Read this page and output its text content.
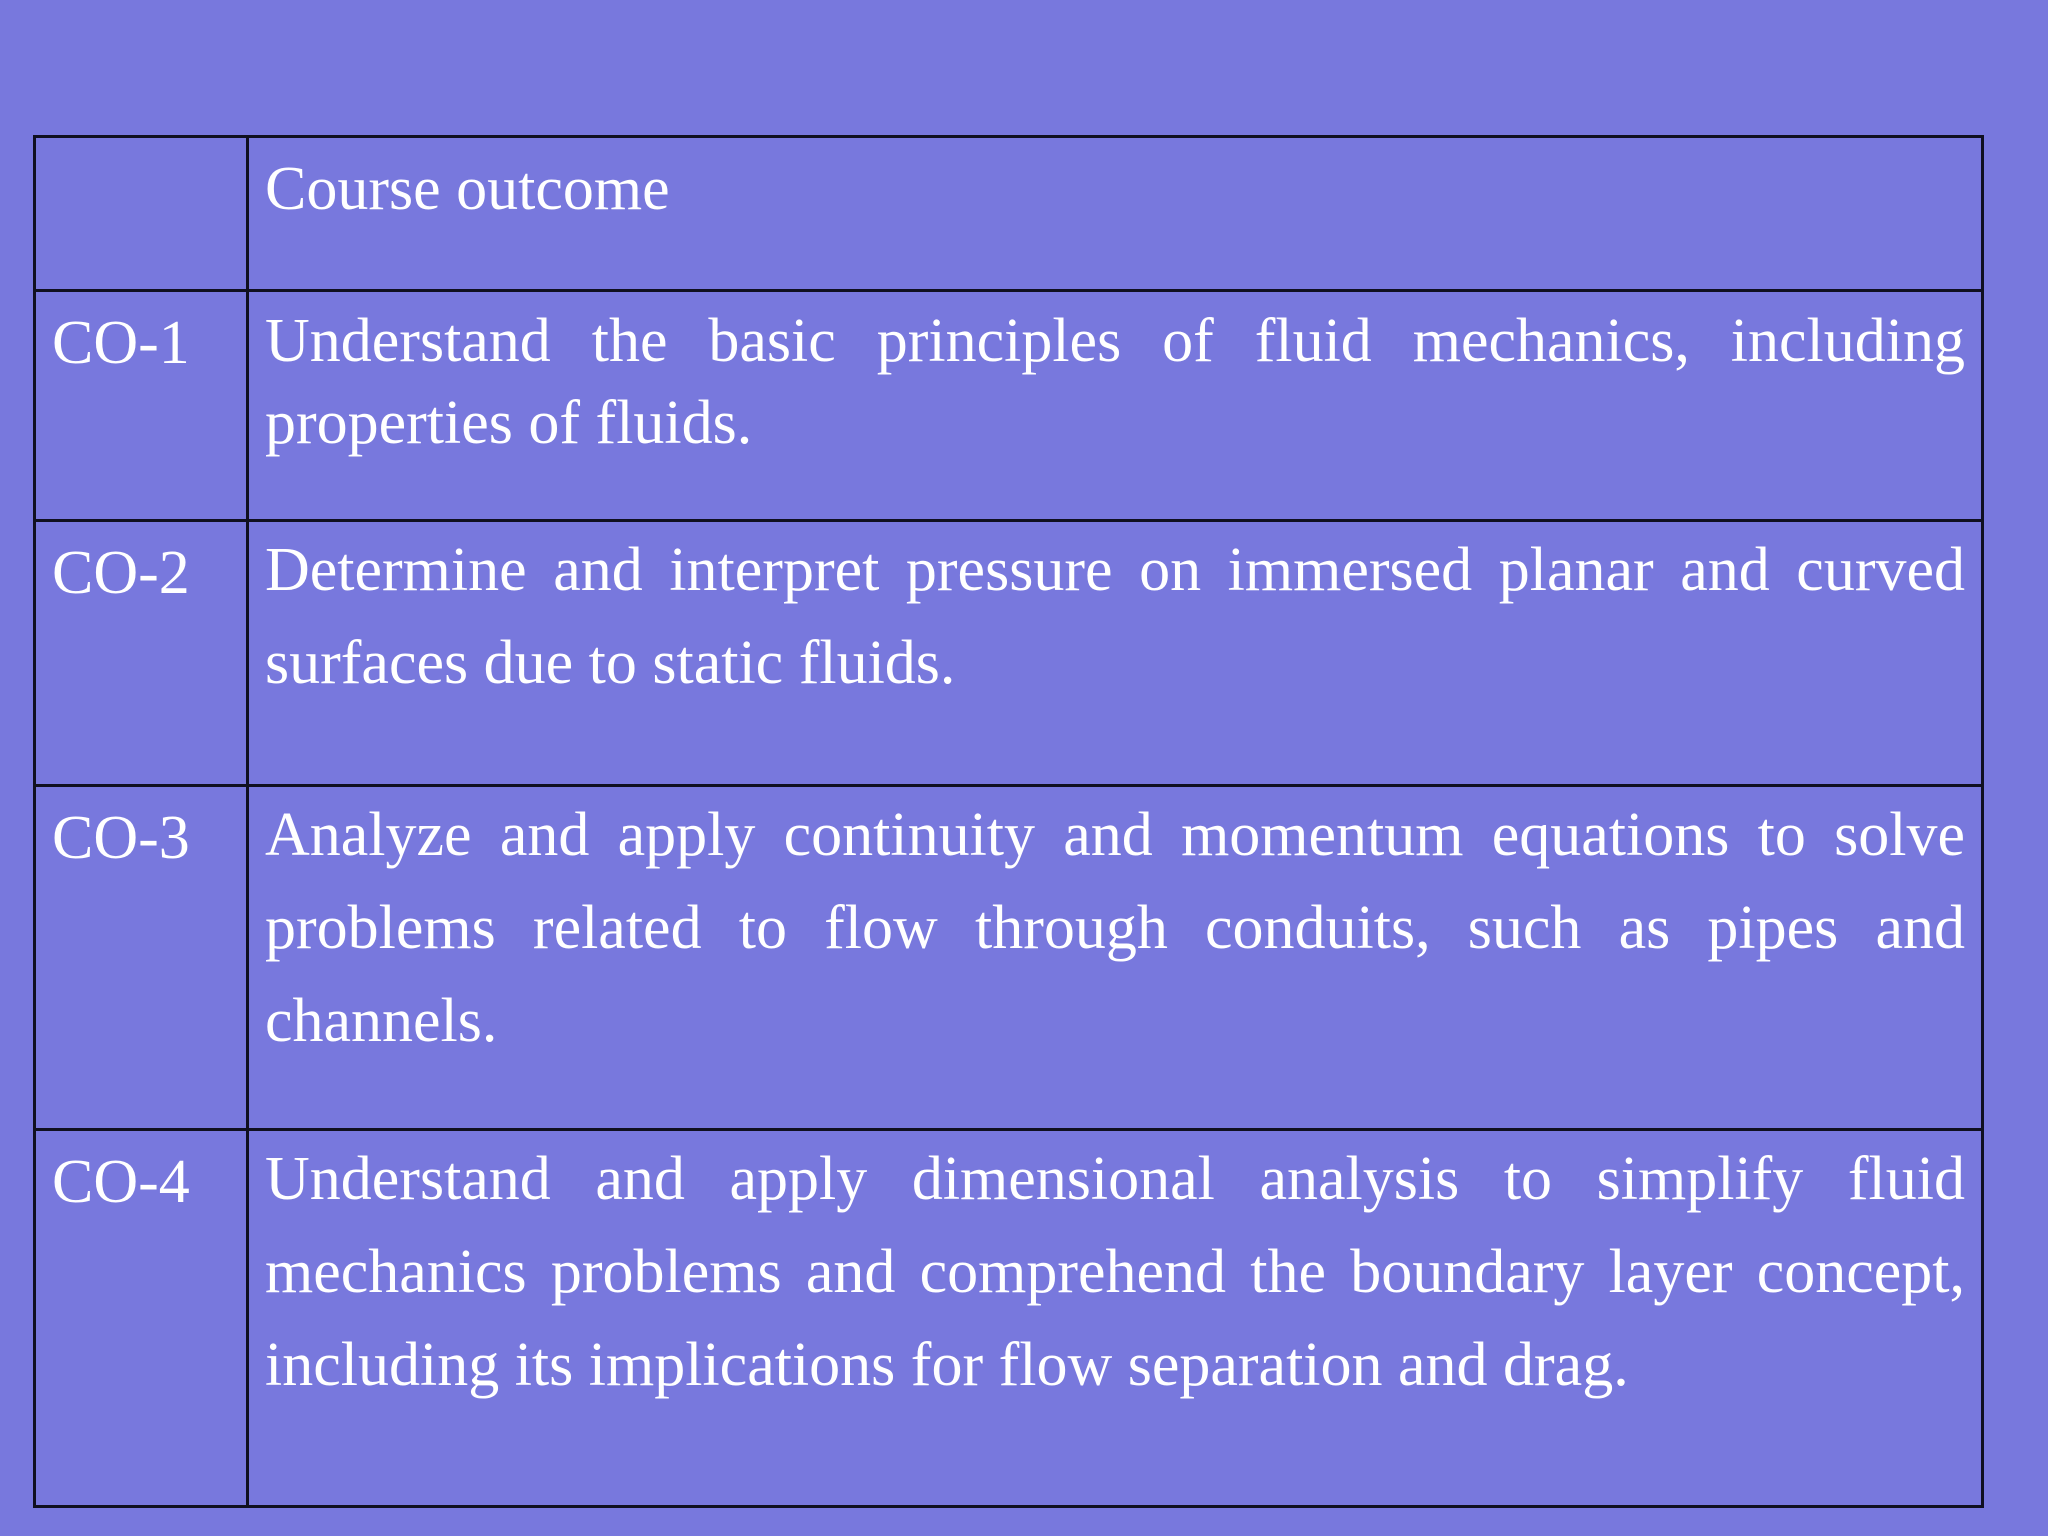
	Course outcome

CO-1	Understand the basic principles of fluid mechanics, including properties of fluids.

CO-2	Determine and interpret pressure on immersed planar and curved surfaces due to static fluids.

CO-3	Analyze and apply continuity and momentum equations to solve problems related to flow through conduits, such as pipes and channels.

CO-4	Understand and apply dimensional analysis to simplify fluid mechanics problems and comprehend the boundary layer concept, including its implications for flow separation and drag.
